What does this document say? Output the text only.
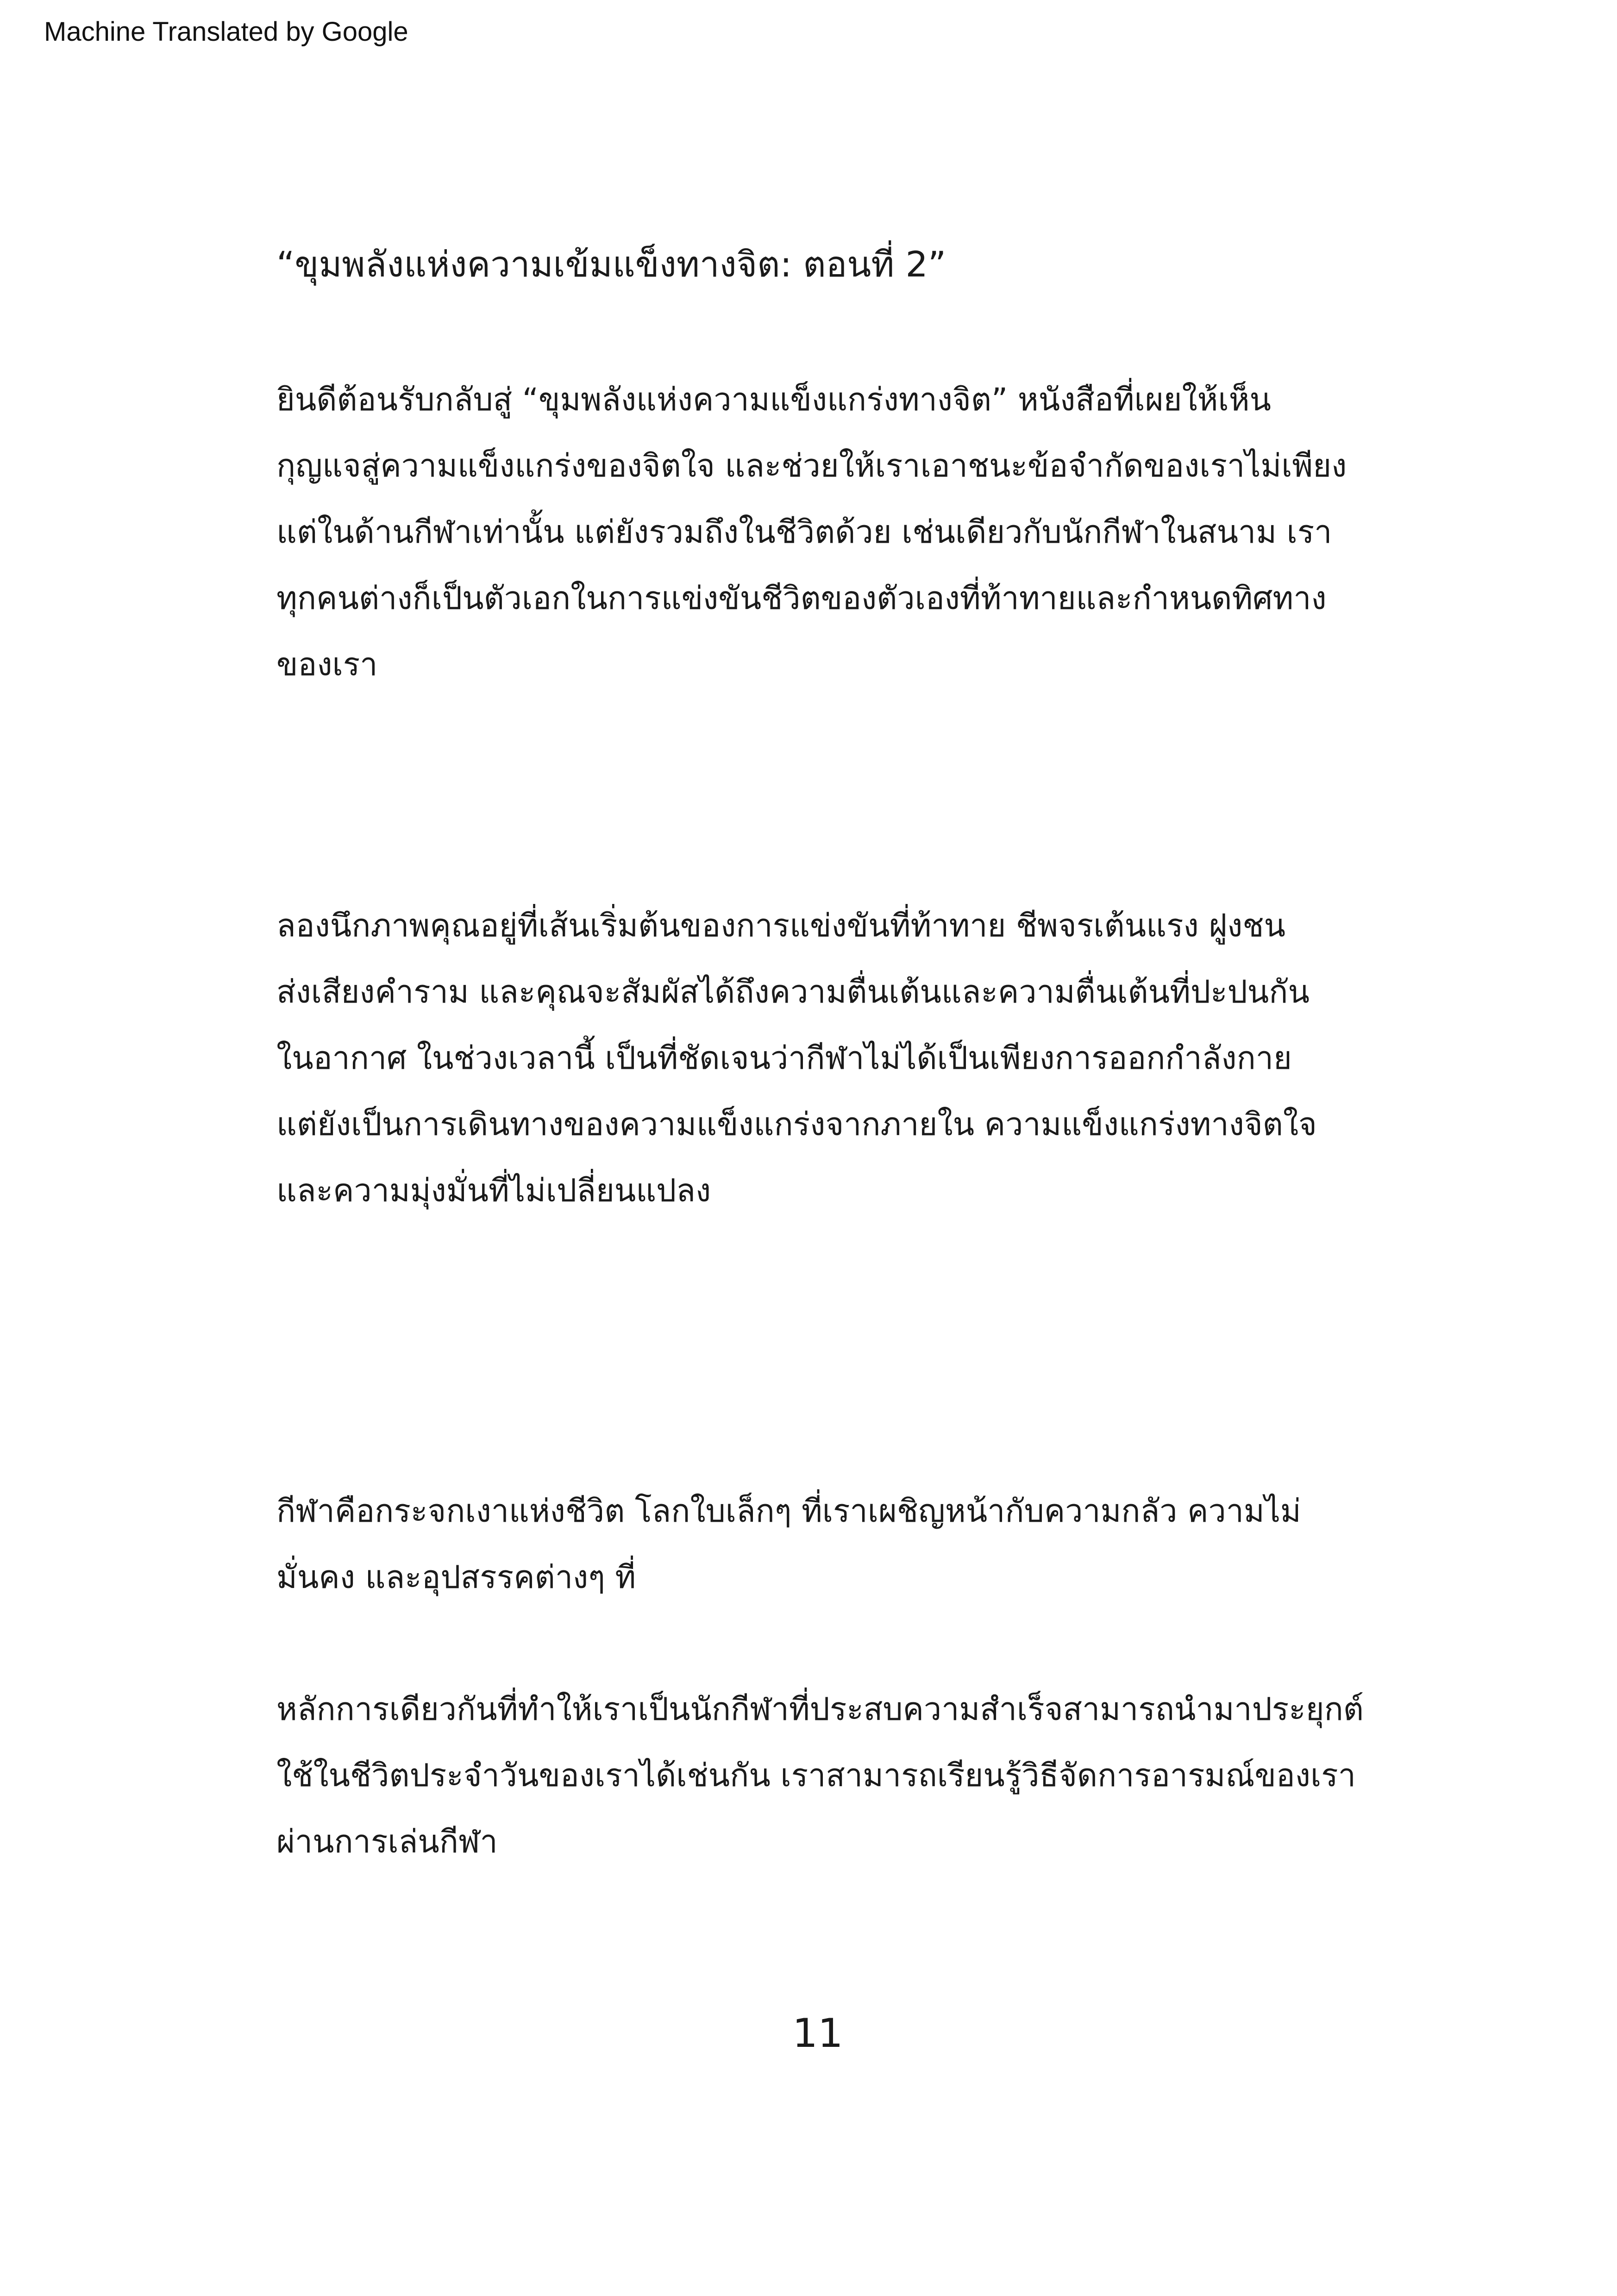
Machine Translated by Google
“ขุมพลังแห่งความเข้มแข็งทางจิต: ตอนที่ 2”
ยินดีต้อนรับกลับสู่ “ขุมพลังแห่งความแข็งแกร่งทางจิต” หนังสือที่เผยให้เห็น
กุญแจสู่ความแข็งแกร่งของจิตใจ และช่วยให้เราเอาชนะข้อจำกัดของเราไม่เพียง
แต่ในด้านกีฬาเท่านั้น แต่ยังรวมถึงในชีวิตด้วย เช่นเดียวกับนักกีฬาในสนาม เรา
ทุกคนต่างก็เป็นตัวเอกในการแข่งขันชีวิตของตัวเองที่ท้าทายและกำหนดทิศทาง
ของเรา
ลองนึกภาพคุณอยู่ที่เส้นเริ่มต้นของการแข่งขันที่ท้าทาย ชีพจรเต้นแรง ฝูงชน
ส่งเสียงคำราม และคุณจะสัมผัสได้ถึงความตื่นเต้นและความตื่นเต้นที่ปะปนกัน
ในอากาศ ในช่วงเวลานี้ เป็นที่ชัดเจนว่ากีฬาไม่ได้เป็นเพียงการออกกำลังกาย
แต่ยังเป็นการเดินทางของความแข็งแกร่งจากภายใน ความแข็งแกร่งทางจิตใจ
และความมุ่งมั่นที่ไม่เปลี่ยนแปลง
กีฬาคือกระจกเงาแห่งชีวิต โลกใบเล็กๆ ที่เราเผชิญหน้ากับความกลัว ความไม่
มั่นคง และอุปสรรคต่างๆ ที่
หลักการเดียวกันที่ทำให้เราเป็นนักกีฬาที่ประสบความสำเร็จสามารถนำมาประยุกต์
ใช้ในชีวิตประจำวันของเราได้เช่นกัน เราสามารถเรียนรู้วิธีจัดการอารมณ์ของเรา
ผ่านการเล่นกีฬา
11
